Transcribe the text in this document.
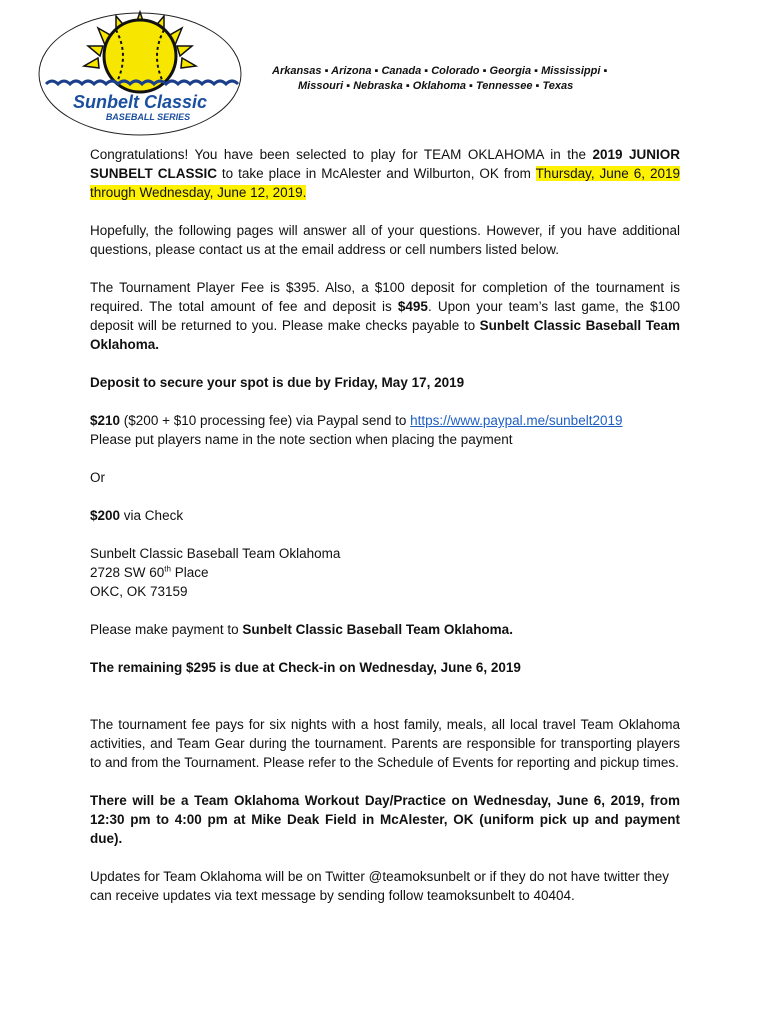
Sunbelt Classic
BASEBALL SERIES
Arkansas ▪ Arizona ▪ Canada ▪ Colorado ▪ Georgia ▪ Mississippi ▪
Missouri ▪ Nebraska ▪ Oklahoma ▪ Tennessee ▪ Texas

Congratulations! You have been selected to play for TEAM OKLAHOMA in the 2019 JUNIOR SUNBELT CLASSIC to take place in McAlester and Wilburton, OK from Thursday, June 6, 2019 through Wednesday, June 12, 2019.

Hopefully, the following pages will answer all of your questions. However, if you have additional questions, please contact us at the email address or cell numbers listed below.

The Tournament Player Fee is $395. Also, a $100 deposit for completion of the tournament is required. The total amount of fee and deposit is $495. Upon your team’s last game, the $100 deposit will be returned to you. Please make checks payable to Sunbelt Classic Baseball Team Oklahoma.

Deposit to secure your spot is due by Friday, May 17, 2019

$210 ($200 + $10 processing fee) via Paypal send to https://www.paypal.me/sunbelt2019
Please put players name in the note section when placing the payment

Or

$200 via Check

Sunbelt Classic Baseball Team Oklahoma
2728 SW 60th Place
OKC, OK 73159

Please make payment to Sunbelt Classic Baseball Team Oklahoma.

The remaining $295 is due at Check-in on Wednesday, June 6, 2019

The tournament fee pays for six nights with a host family, meals, all local travel Team Oklahoma activities, and Team Gear during the tournament. Parents are responsible for transporting players to and from the Tournament. Please refer to the Schedule of Events for reporting and pickup times.

There will be a Team Oklahoma Workout Day/Practice on Wednesday, June 6, 2019, from 12:30 pm to 4:00 pm at Mike Deak Field in McAlester, OK (uniform pick up and payment due).

Updates for Team Oklahoma will be on Twitter @teamoksunbelt or if they do not have twitter they can receive updates via text message by sending follow teamoksunbelt to 40404.
